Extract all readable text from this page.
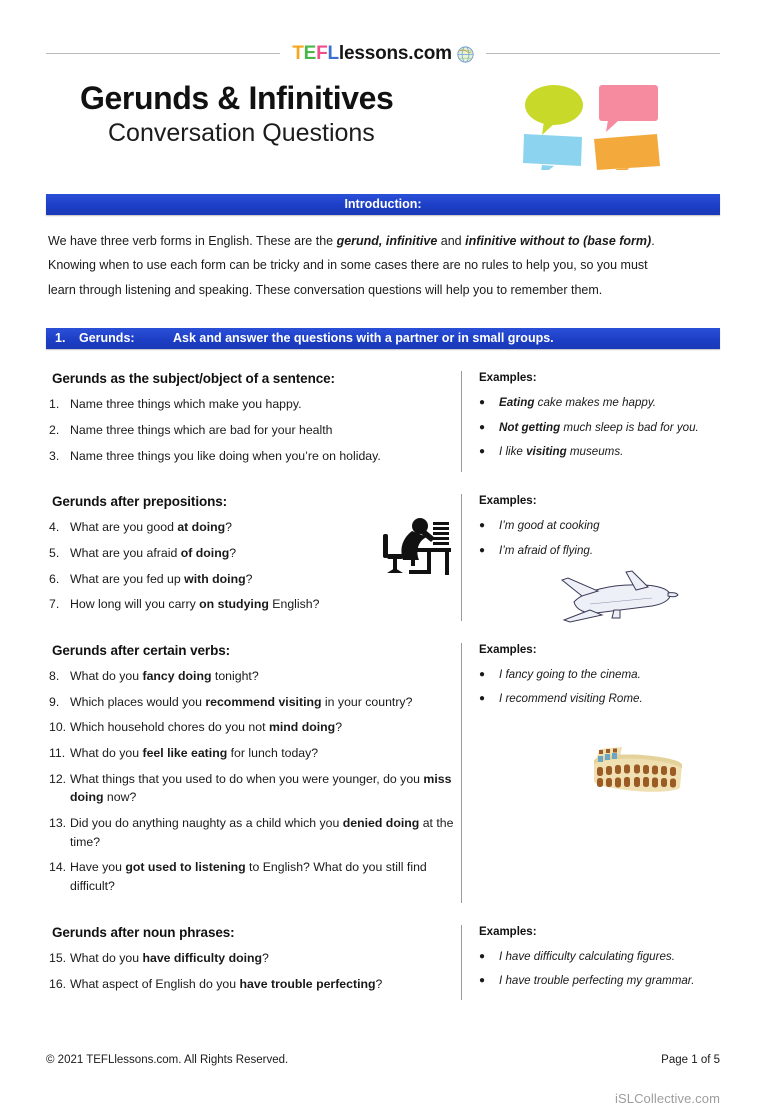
T E F L lessons.com
Gerunds & Infinitives
Conversation Questions
Introduction:
We have three verb forms in English. These are the gerund, infinitive and infinitive without to (base form).
Knowing when to use each form can be tricky and in some cases there are no rules to help you, so you must
learn through listening and speaking. These conversation questions will help you to remember them.
1.	Gerunds:	Ask and answer the questions with a partner or in small groups.
Gerunds as the subject/object of a sentence:
1. Name three things which make you happy.
2. Name three things which are bad for your health
3. Name three things you like doing when you’re on holiday.
Examples:
●	Eating cake makes me happy.
●	Not getting much sleep is bad for you.
●	I like visiting museums.
Gerunds after prepositions:
4. What are you good at doing?
5. What are you afraid of doing?
6. What are you fed up with doing?
7. How long will you carry on studying English?
Examples:
●	I’m good at cooking
●	I’m afraid of flying.
Gerunds after certain verbs:
8. What do you fancy doing tonight?
9. Which places would you recommend visiting in your country?
10. Which household chores do you not mind doing?
11. What do you feel like eating for lunch today?
12. What things that you used to do when you were younger, do you miss doing now?
13. Did you do anything naughty as a child which you denied doing at the time?
14. Have you got used to listening to English? What do you still find difficult?
Examples:
●	I fancy going to the cinema.
●	I recommend visiting Rome.
Gerunds after noun phrases:
15. What do you have difficulty doing?
16. What aspect of English do you have trouble perfecting?
Examples:
●	I have difficulty calculating figures.
●	I have trouble perfecting my grammar.
© 2021 TEFLlessons.com. All Rights Reserved.	Page 1 of 5
iSLCollective.com
